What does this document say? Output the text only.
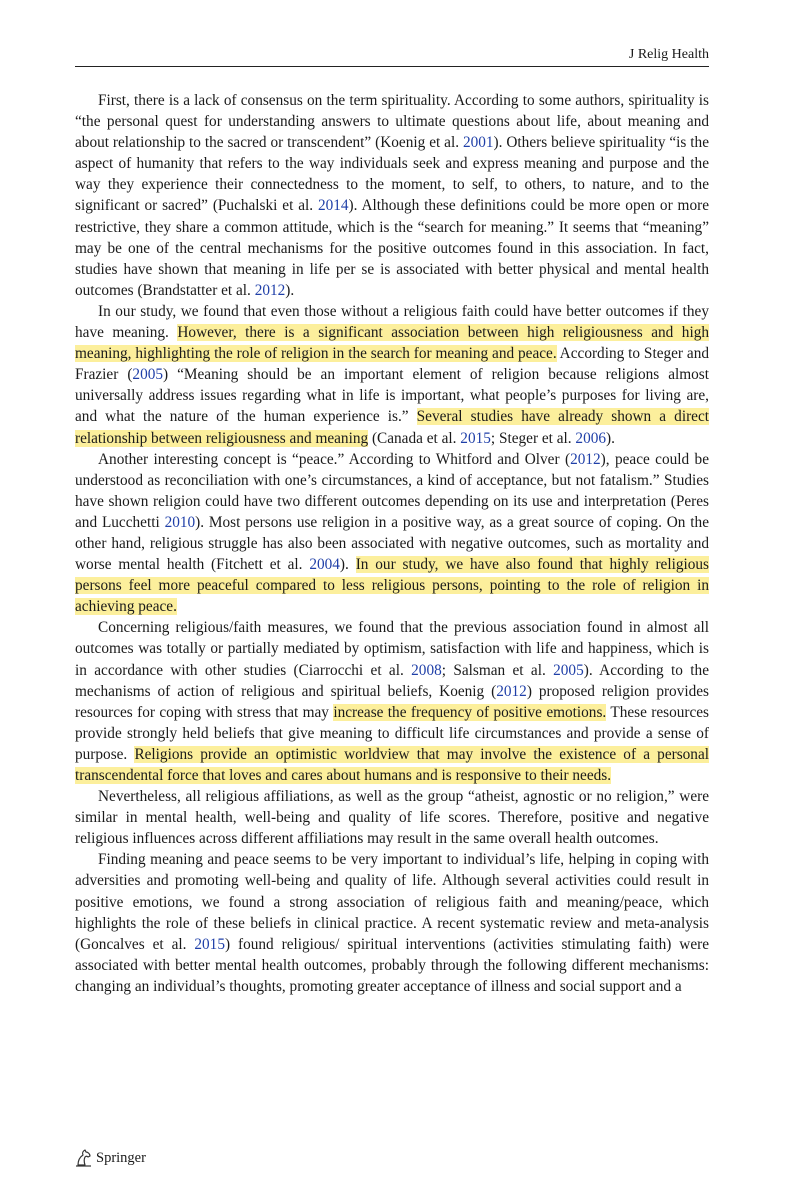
J Relig Health

First, there is a lack of consensus on the term spirituality. According to some authors, spirituality is “the personal quest for understanding answers to ultimate questions about life, about meaning and about relationship to the sacred or transcendent” (Koenig et al. 2001). Others believe spirituality “is the aspect of humanity that refers to the way individuals seek and express meaning and purpose and the way they experience their connectedness to the moment, to self, to others, to nature, and to the significant or sacred” (Puchalski et al. 2014). Although these definitions could be more open or more restrictive, they share a common attitude, which is the “search for meaning.” It seems that “meaning” may be one of the central mechanisms for the positive outcomes found in this association. In fact, studies have shown that meaning in life per se is associated with better physical and mental health outcomes (Brandstatter et al. 2012).

In our study, we found that even those without a religious faith could have better outcomes if they have meaning. However, there is a significant association between high religiousness and high meaning, highlighting the role of religion in the search for meaning and peace. According to Steger and Frazier (2005) “Meaning should be an important element of religion because religions almost universally address issues regarding what in life is important, what people’s purposes for living are, and what the nature of the human experience is.” Several studies have already shown a direct relationship between religiousness and meaning (Canada et al. 2015; Steger et al. 2006).

Another interesting concept is “peace.” According to Whitford and Olver (2012), peace could be understood as reconciliation with one’s circumstances, a kind of acceptance, but not fatalism.” Studies have shown religion could have two different outcomes depending on its use and interpretation (Peres and Lucchetti 2010). Most persons use religion in a positive way, as a great source of coping. On the other hand, religious struggle has also been associated with negative outcomes, such as mortality and worse mental health (Fitchett et al. 2004). In our study, we have also found that highly religious persons feel more peaceful compared to less religious persons, pointing to the role of religion in achieving peace.

Concerning religious/faith measures, we found that the previous association found in almost all outcomes was totally or partially mediated by optimism, satisfaction with life and happiness, which is in accordance with other studies (Ciarrocchi et al. 2008; Salsman et al. 2005). According to the mechanisms of action of religious and spiritual beliefs, Koenig (2012) proposed religion provides resources for coping with stress that may increase the frequency of positive emotions. These resources provide strongly held beliefs that give meaning to difficult life circumstances and provide a sense of purpose. Religions provide an optimistic worldview that may involve the existence of a personal transcendental force that loves and cares about humans and is responsive to their needs.

Nevertheless, all religious affiliations, as well as the group “atheist, agnostic or no religion,” were similar in mental health, well-being and quality of life scores. Therefore, positive and negative religious influences across different affiliations may result in the same overall health outcomes.

Finding meaning and peace seems to be very important to individual’s life, helping in coping with adversities and promoting well-being and quality of life. Although several activities could result in positive emotions, we found a strong association of religious faith and meaning/peace, which highlights the role of these beliefs in clinical practice. A recent systematic review and meta-analysis (Goncalves et al. 2015) found religious/ spiritual interventions (activities stimulating faith) were associated with better mental health outcomes, probably through the following different mechanisms: changing an individual’s thoughts, promoting greater acceptance of illness and social support and a

Springer
